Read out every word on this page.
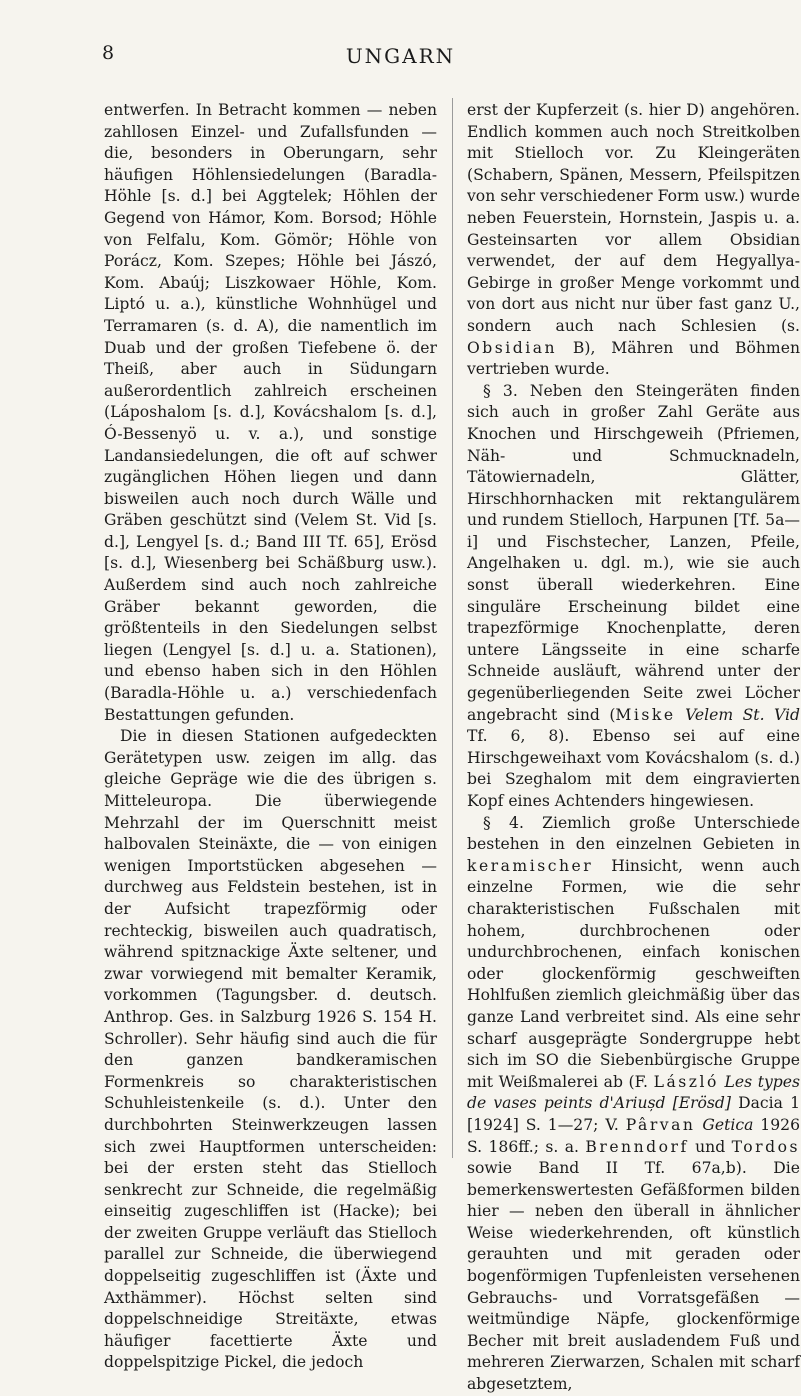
8	UNGARN

entwerfen. In Betracht kommen — neben zahllosen Einzel- und Zufallsfunden — die, besonders in Oberungarn, sehr häufigen Höhlensiedelungen (Baradla-Höhle [s. d.] bei Aggtelek; Höhlen der Gegend von Hámor, Kom. Borsod; Höhle von Felfalu, Kom. Gömör; Höhle von Porácz, Kom. Szepes; Höhle bei Jászó, Kom. Abaúj; Liszkowaer Höhle, Kom. Liptó u. a.), künstliche Wohnhügel und Terramaren (s. d. A), die namentlich im Duab und der großen Tiefebene ö. der Theiß, aber auch in Südungarn außerordentlich zahlreich erscheinen (Láposhalom [s. d.], Kovácshalom [s. d.], Ó-Bessenyö u. v. a.), und sonstige Landansiedelungen, die oft auf schwer zugänglichen Höhen liegen und dann bisweilen auch noch durch Wälle und Gräben geschützt sind (Velem St. Vid [s. d.], Lengyel [s. d.; Band III Tf. 65], Erösd [s. d.], Wiesenberg bei Schäßburg usw.). Außerdem sind auch noch zahlreiche Gräber bekannt geworden, die größtenteils in den Siedelungen selbst liegen (Lengyel [s. d.] u. a. Stationen), und ebenso haben sich in den Höhlen (Baradla-Höhle u. a.) verschiedenfach Bestattungen gefunden.

Die in diesen Stationen aufgedeckten Gerätetypen usw. zeigen im allg. das gleiche Gepräge wie die des übrigen s. Mitteleuropa. Die überwiegende Mehrzahl der im Querschnitt meist halbovalen Steinäxte, die — von einigen wenigen Importstücken abgesehen — durchweg aus Feldstein bestehen, ist in der Aufsicht trapezförmig oder rechteckig, bisweilen auch quadratisch, während spitznackige Äxte seltener, und zwar vorwiegend mit bemalter Keramik, vorkommen (Tagungsber. d. deutsch. Anthrop. Ges. in Salzburg 1926 S. 154 H. Schroller). Sehr häufig sind auch die für den ganzen bandkeramischen Formenkreis so charakteristischen Schuhleistenkeile (s. d.). Unter den durchbohrten Steinwerkzeugen lassen sich zwei Hauptformen unterscheiden: bei der ersten steht das Stielloch senkrecht zur Schneide, die regelmäßig einseitig zugeschliffen ist (Hacke); bei der zweiten Gruppe verläuft das Stielloch parallel zur Schneide, die überwiegend doppelseitig zugeschliffen ist (Äxte und Axthämmer). Höchst selten sind doppelschneidige Streitäxte, etwas häufiger facettierte Äxte und doppelspitzige Pickel, die jedoch

erst der Kupferzeit (s. hier D) angehören. Endlich kommen auch noch Streitkolben mit Stielloch vor. Zu Kleingeräten (Schabern, Spänen, Messern, Pfeilspitzen von sehr verschiedener Form usw.) wurde neben Feuerstein, Hornstein, Jaspis u. a. Gesteinsarten vor allem Obsidian verwendet, der auf dem Hegyallya-Gebirge in großer Menge vorkommt und von dort aus nicht nur über fast ganz U., sondern auch nach Schlesien (s. Obsidian B), Mähren und Böhmen vertrieben wurde.

§ 3. Neben den Steingeräten finden sich auch in großer Zahl Geräte aus Knochen und Hirschgeweih (Pfriemen, Näh- und Schmucknadeln, Tätowiernadeln, Glätter, Hirschhornhacken mit rektangulärem und rundem Stielloch, Harpunen [Tf. 5a—i] und Fischstecher, Lanzen, Pfeile, Angelhaken u. dgl. m.), wie sie auch sonst überall wiederkehren. Eine singuläre Erscheinung bildet eine trapezförmige Knochenplatte, deren untere Längsseite in eine scharfe Schneide ausläuft, während unter der gegenüberliegenden Seite zwei Löcher angebracht sind (Miske Velem St. Vid Tf. 6, 8). Ebenso sei auf eine Hirschgeweihaxt vom Kovácshalom (s. d.) bei Szeghalom mit dem eingravierten Kopf eines Achtenders hingewiesen.

§ 4. Ziemlich große Unterschiede bestehen in den einzelnen Gebieten in keramischer Hinsicht, wenn auch einzelne Formen, wie die sehr charakteristischen Fußschalen mit hohem, durchbrochenen oder undurchbrochenen, einfach konischen oder glockenförmig geschweiften Hohlfußen ziemlich gleichmäßig über das ganze Land verbreitet sind. Als eine sehr scharf ausgeprägte Sondergruppe hebt sich im SO die Siebenbürgische Gruppe mit Weißmalerei ab (F. László Les types de vases peints d'Ariușd [Erösd] Dacia 1 [1924] S. 1—27; V. Pârvan Getica 1926 S. 186ff.; s. a. Brenndorf und Tordos sowie Band II Tf. 67a,b). Die bemerkenswertesten Gefäßformen bilden hier — neben den überall in ähnlicher Weise wiederkehrenden, oft künstlich gerauhten und mit geraden oder bogenförmigen Tupfenleisten versehenen Gebrauchs- und Vorratsgefäßen — weitmündige Näpfe, glockenförmige Becher mit breit ausladendem Fuß und mehreren Zierwarzen, Schalen mit scharf abgesetztem,
